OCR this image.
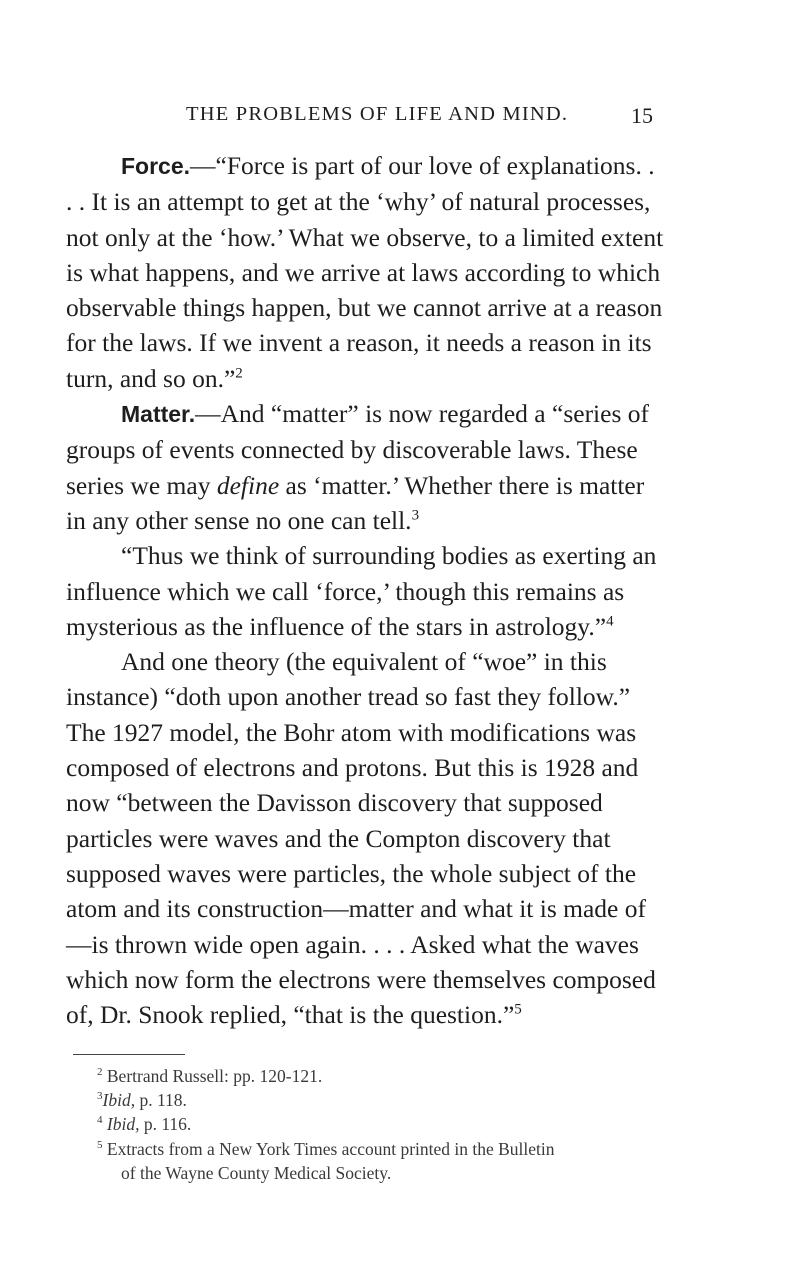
THE PROBLEMS OF LIFE AND MIND.	15

Force.—“Force is part of our love of explanations. . . . It is an attempt to get at the ‘why’ of natural processes, not only at the ‘how.’ What we observe, to a limited extent is what happens, and we arrive at laws according to which observable things happen, but we cannot arrive at a reason for the laws. If we invent a reason, it needs a reason in its turn, and so on.”$^2$

Matter.—And “matter” is now regarded a “series of groups of events connected by discoverable laws. These series we may define as ‘matter.’ Whether there is matter in any other sense no one can tell.$^3$

“Thus we think of surrounding bodies as exerting an influence which we call ‘force,’ though this remains as mysterious as the influence of the stars in astrology.”$^4$

And one theory (the equivalent of “woe” in this instance) “doth upon another tread so fast they follow.” The 1927 model, the Bohr atom with modifications was composed of electrons and protons. But this is 1928 and now “between the Davisson discovery that supposed particles were waves and the Compton discovery that supposed waves were particles, the whole subject of the atom and its construction—matter and what it is made of—is thrown wide open again. . . . Asked what the waves which now form the electrons were themselves composed of, Dr. Snook replied, “that is the question.”$^5$

$^2$ Bertrand Russell: pp. 120-121.

$^3$Ibid, p. 118.

$^4$ Ibid, p. 116.

$^5$ Extracts from a New York Times account printed in the Bulletin

of the Wayne County Medical Society.
